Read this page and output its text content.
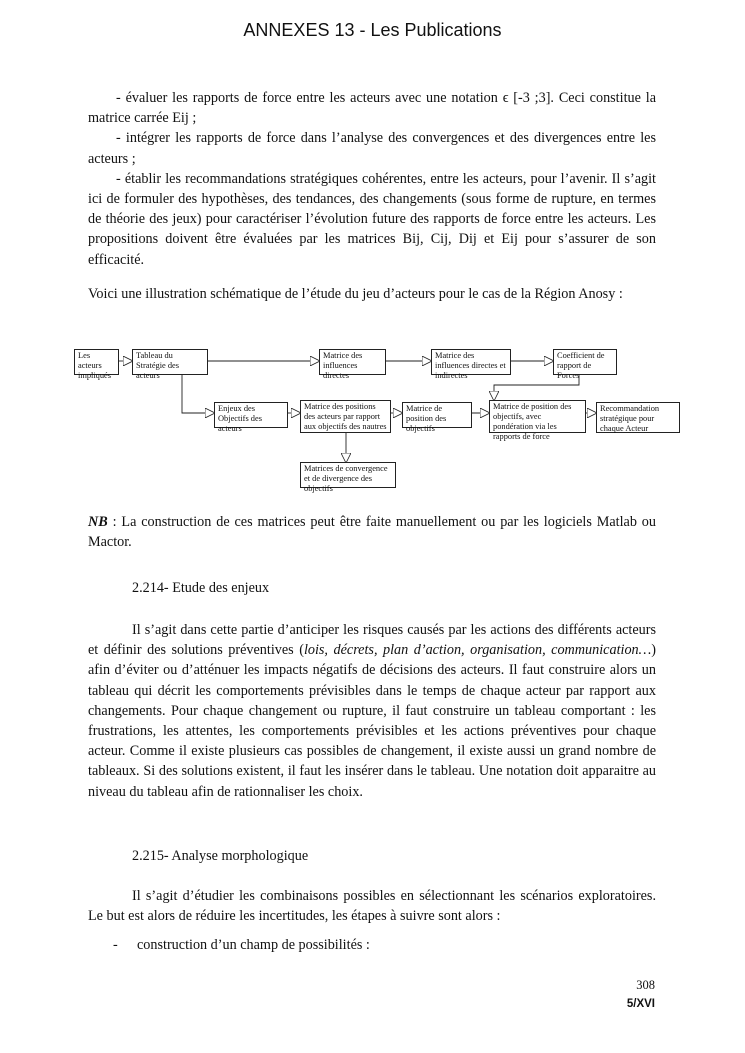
ANNEXES 13 - Les Publications

- évaluer les rapports de force entre les acteurs avec une notation ϵ [-3 ;3]. Ceci constitue la matrice carrée Eij ;

- intégrer les rapports de force dans l’analyse des convergences et des divergences entre les acteurs ;

- établir les recommandations stratégiques cohérentes, entre les acteurs, pour l’avenir. Il s’agit ici de formuler des hypothèses, des tendances, des changements (sous forme de rupture, en termes de théorie des jeux) pour caractériser l’évolution future des rapports de force entre les acteurs. Les propositions doivent être évaluées par les matrices Bij, Cij, Dij et Eij pour s’assurer de son efficacité.

Voici une illustration schématique de l’étude du jeu d’acteurs pour le cas de la Région Anosy :

Les acteurs impliqués
Tableau du Stratégie des acteurs
Matrice des influences directes
Matrice des influences directes et indirectes
Coefficient de rapport de Forces
Enjeux des Objectifs des acteurs
Matrice des positions des acteurs par rapport aux objectifs des nautres
Matrice de position des objectifs
Matrice de position des objectifs, avec pondération via les rapports de force
Recommandation stratégique pour chaque Acteur
Matrices de convergence et de divergence des objectifs

NB : La construction de ces matrices peut être faite manuellement ou par les logiciels Matlab ou Mactor.

2.214- Etude des enjeux

Il s’agit dans cette partie d’anticiper les risques causés par les actions des différents acteurs et définir des solutions préventives (lois, décrets, plan d’action, organisation, communication…) afin d’éviter ou d’atténuer les impacts négatifs de décisions des acteurs. Il faut construire alors un tableau qui décrit les comportements prévisibles dans le temps de chaque acteur par rapport aux changements. Pour chaque changement ou rupture, il faut construire un tableau comportant : les frustrations, les attentes, les comportements prévisibles et les actions préventives pour chaque acteur. Comme il existe plusieurs cas possibles de changement, il existe aussi un grand nombre de tableaux. Si des solutions existent, il faut les insérer dans le tableau. Une notation doit apparaitre au niveau du tableau afin de rationnaliser les choix.

2.215- Analyse morphologique

Il s’agit d’étudier les combinaisons possibles en sélectionnant les scénarios exploratoires. Le but est alors de réduire les incertitudes, les étapes à suivre sont alors :

- construction d’un champ de possibilités :
308
5/XVI
